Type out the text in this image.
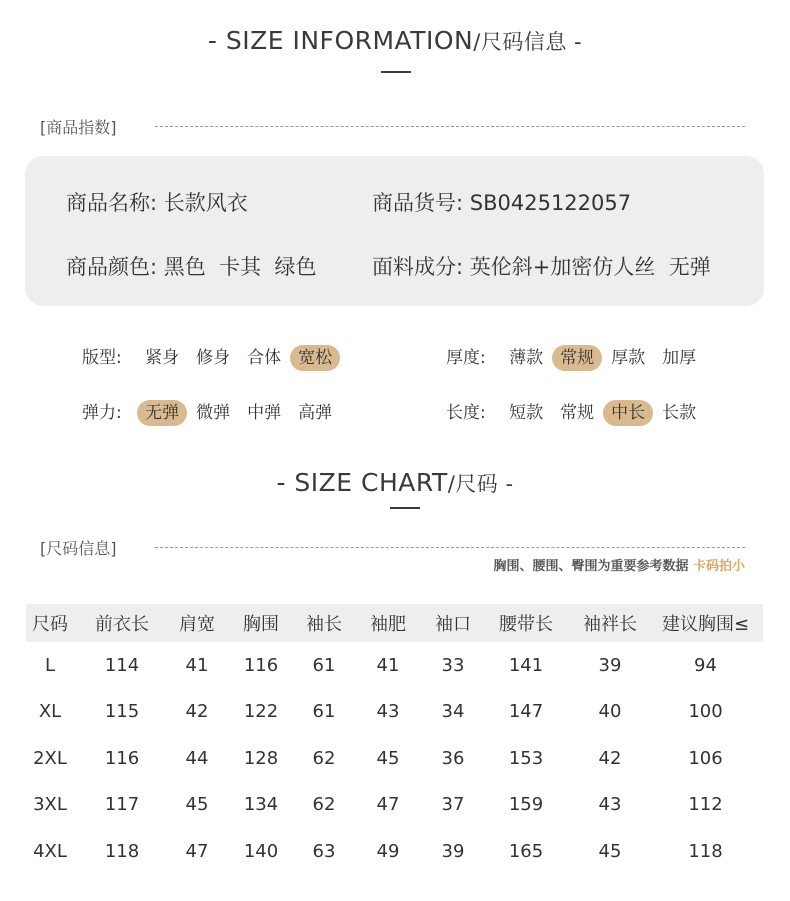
- SIZE INFORMATION/尺码信息 -
[商品指数]
商品名称: 长款风衣	商品货号: SB0425122057
商品颜色: 黑色  卡其  绿色	面料成分: 英伦斜+加密仿人丝  无弹
版型: 紧身 修身 合体 宽松	厚度: 薄款 常规 厚款 加厚
弹力: 无弹 微弹 中弹 高弹	长度: 短款 常规 中长 长款
- SIZE CHART/尺码 -
[尺码信息]
胸围、腰围、臀围为重要参考数据 卡码拍小
尺码	前衣长	肩宽	胸围	袖长	袖肥	袖口	腰带长	袖袢长	建议胸围≤
L	114	41	116	61	41	33	141	39	94
XL	115	42	122	61	43	34	147	40	100
2XL	116	44	128	62	45	36	153	42	106
3XL	117	45	134	62	47	37	159	43	112
4XL	118	47	140	63	49	39	165	45	118
